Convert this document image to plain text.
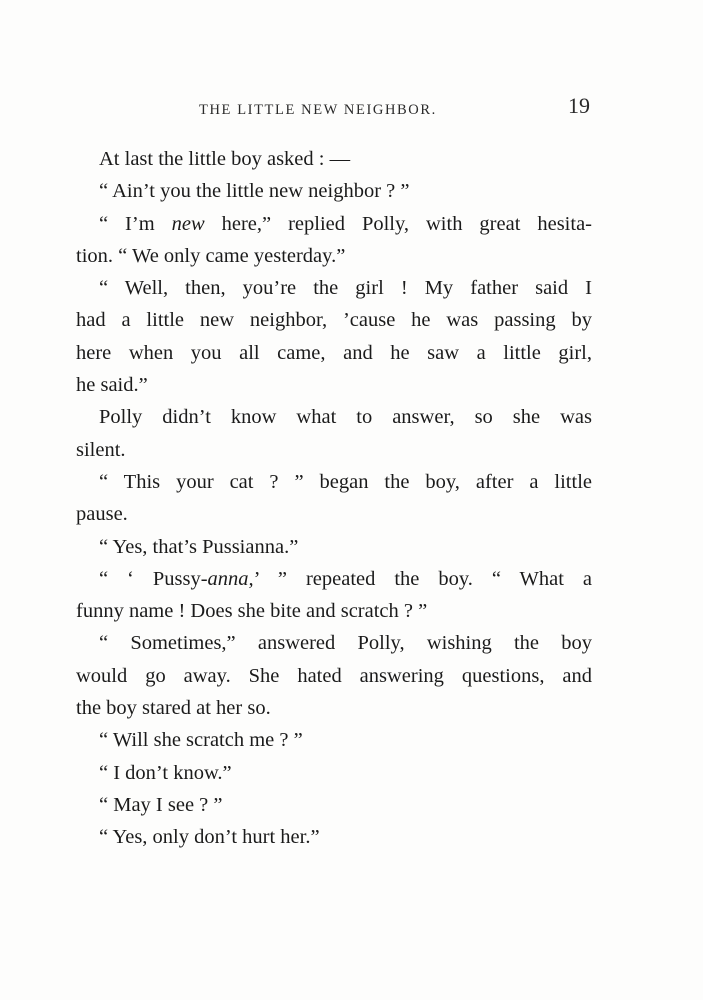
THE LITTLE NEW NEIGHBOR.	19
At last the little boy asked : —
“ Ain’t you the little new neighbor ? ”
“ I’m new here,” replied Polly, with great hesita-
tion. “ We only came yesterday.”
“ Well, then, you’re the girl ! My father said I
had a little new neighbor, ’cause he was passing by
here when you all came, and he saw a little girl,
he said.”
Polly didn’t know what to answer, so she was
silent.
“ This your cat ? ” began the boy, after a little
pause.
“ Yes, that’s Pussianna.”
“ ‘ Pussy-anna,’ ” repeated the boy. “ What a
funny name ! Does she bite and scratch ? ”
“ Sometimes,” answered Polly, wishing the boy
would go away. She hated answering questions, and
the boy stared at her so.
“ Will she scratch me ? ”
“ I don’t know.”
“ May I see ? ”
“ Yes, only don’t hurt her.”
